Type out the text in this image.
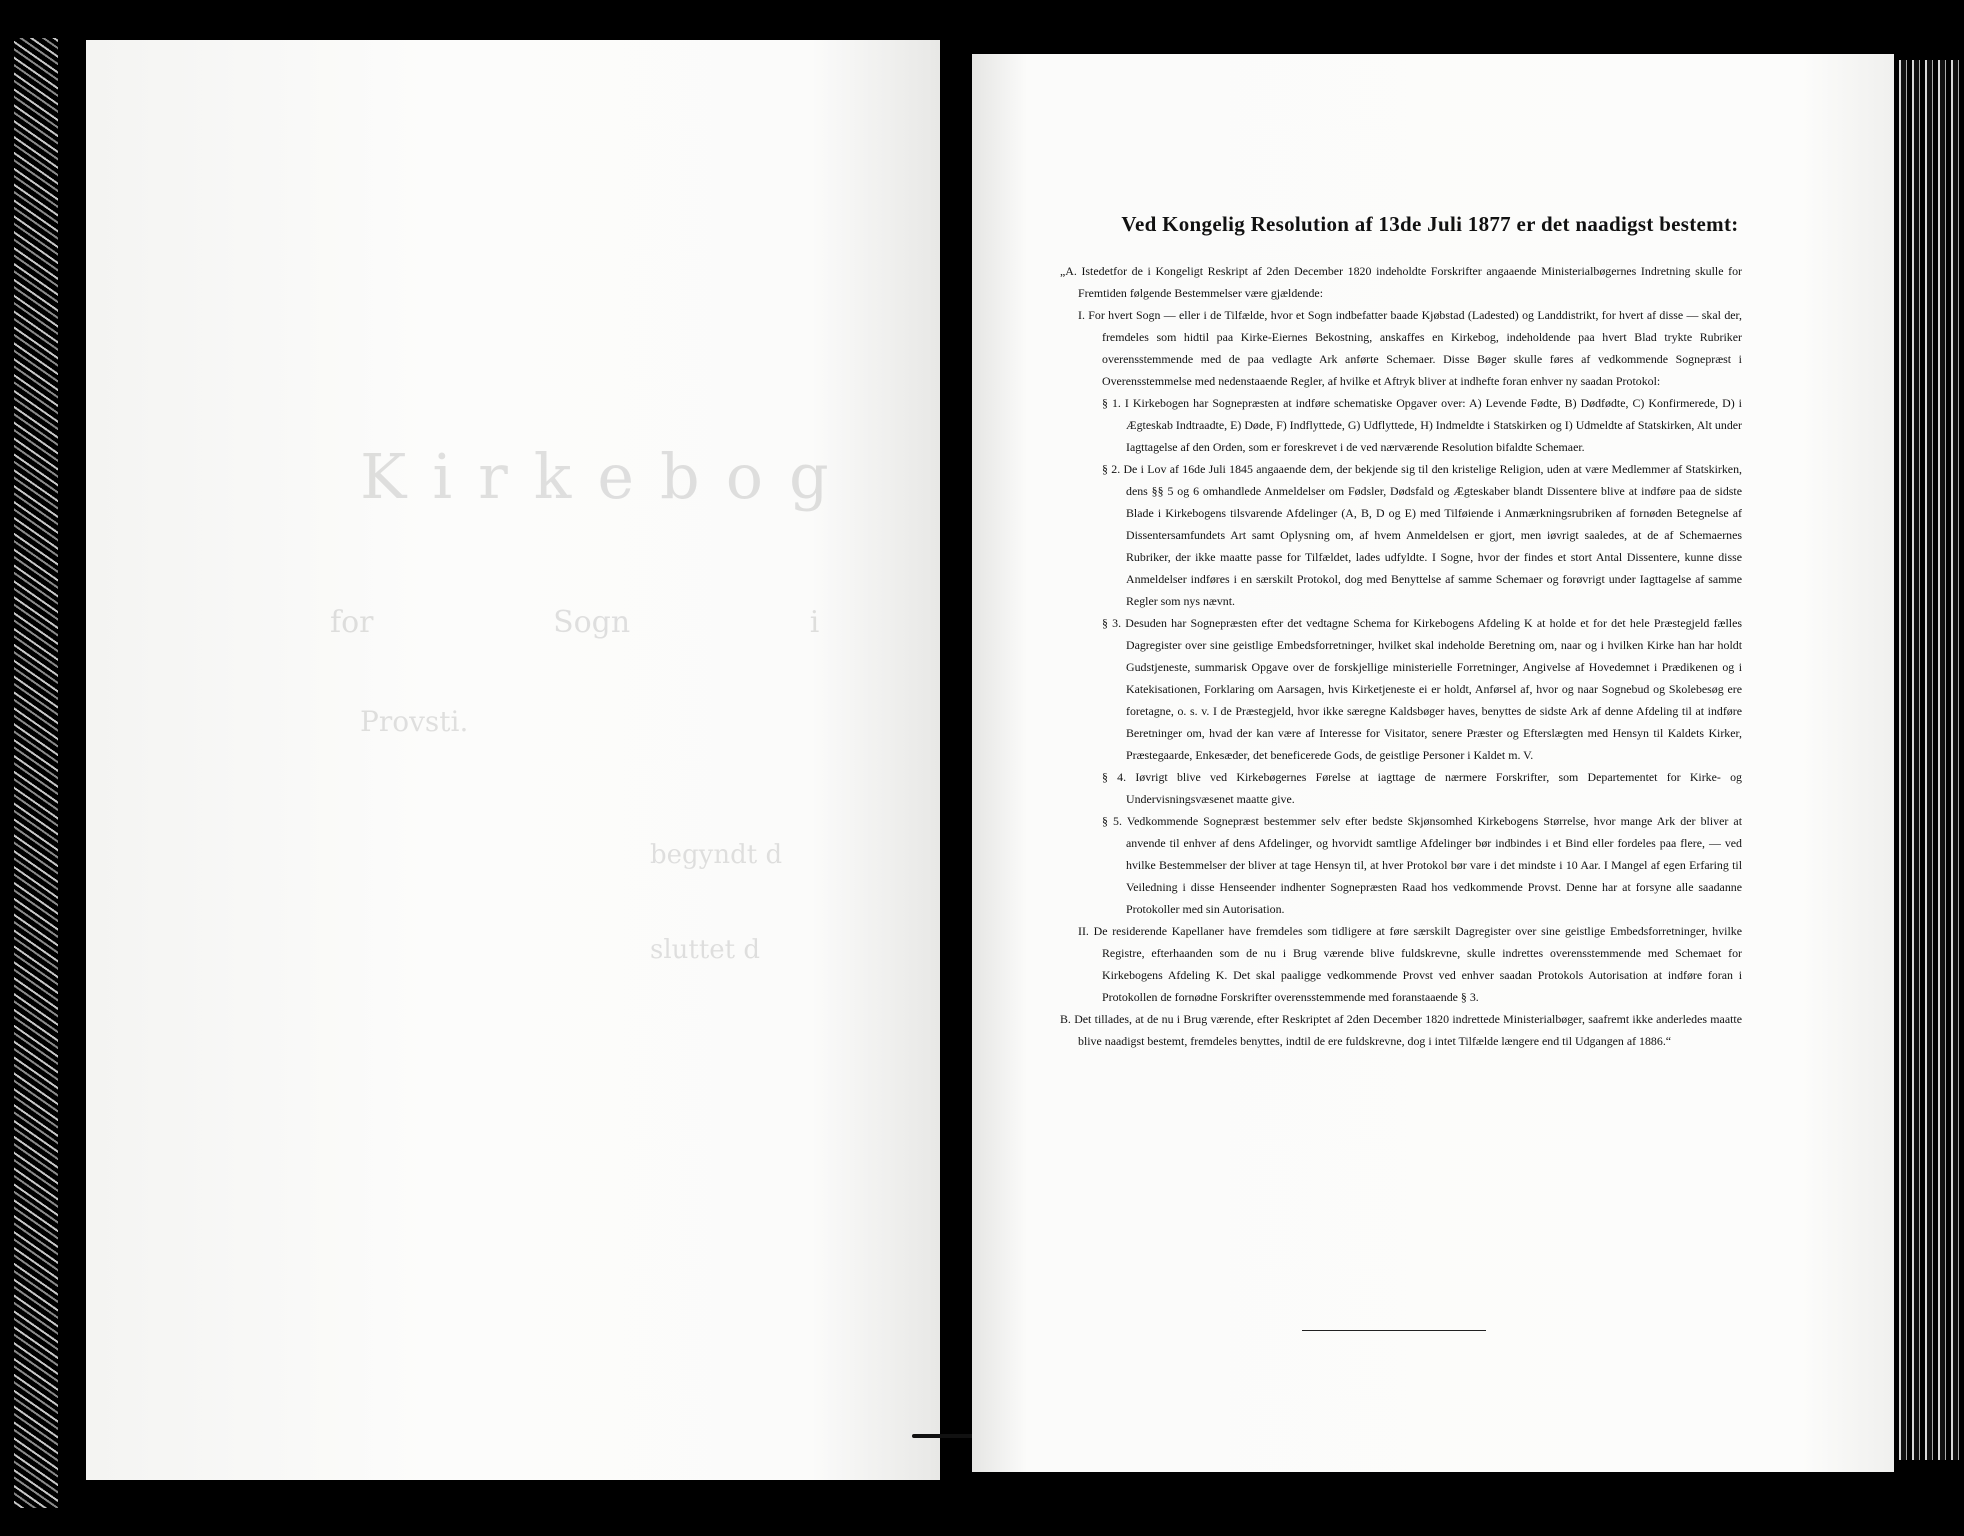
Kirkebog
for	Sogn i
Provsti.
begyndt d
sluttet d
Ved Kongelig Resolution af 13de Juli 1877 er det naadigst bestemt:

„A. Istedetfor de i Kongeligt Reskript af 2den December 1820 indeholdte Forskrifter angaaende Ministerialbøgernes Indretning skulle for Fremtiden følgende Bestemmelser være gjældende:

I. For hvert Sogn — eller i de Tilfælde, hvor et Sogn indbefatter baade Kjøbstad (Ladested) og Landdistrikt, for hvert af disse — skal der, fremdeles som hidtil paa Kirke-Eiernes Bekostning, anskaffes en Kirkebog, indeholdende paa hvert Blad trykte Rubriker overensstemmende med de paa vedlagte Ark anførte Schemaer. Disse Bøger skulle føres af vedkommende Sognepræst i Overensstemmelse med nedenstaaende Regler, af hvilke et Aftryk bliver at indhefte foran enhver ny saadan Protokol:

§ 1. I Kirkebogen har Sognepræsten at indføre schematiske Opgaver over: A) Levende Fødte, B) Dødfødte, C) Konfirmerede, D) i Ægteskab Indtraadte, E) Døde, F) Indflyttede, G) Udflyttede, H) Indmeldte i Statskirken og I) Udmeldte af Statskirken, Alt under Iagttagelse af den Orden, som er foreskrevet i de ved nærværende Resolution bifaldte Schemaer.

§ 2. De i Lov af 16de Juli 1845 angaaende dem, der bekjende sig til den kristelige Religion, uden at være Medlemmer af Statskirken, dens §§ 5 og 6 omhandlede Anmeldelser om Fødsler, Dødsfald og Ægteskaber blandt Dissentere blive at indføre paa de sidste Blade i Kirkebogens tilsvarende Afdelinger (A, B, D og E) med Tilføiende i Anmærkningsrubriken af fornøden Betegnelse af Dissentersamfundets Art samt Oplysning om, af hvem Anmeldelsen er gjort, men iøvrigt saaledes, at de af Schemaernes Rubriker, der ikke maatte passe for Tilfældet, lades udfyldte. I Sogne, hvor der findes et stort Antal Dissentere, kunne disse Anmeldelser indføres i en særskilt Protokol, dog med Benyttelse af samme Schemaer og forøvrigt under Iagttagelse af samme Regler som nys nævnt.

§ 3. Desuden har Sognepræsten efter det vedtagne Schema for Kirkebogens Afdeling K at holde et for det hele Præstegjeld fælles Dagregister over sine geistlige Embedsforretninger, hvilket skal indeholde Beretning om, naar og i hvilken Kirke han har holdt Gudstjeneste, summarisk Opgave over de forskjellige ministerielle Forretninger, Angivelse af Hovedemnet i Prædikenen og i Katekisationen, Forklaring om Aarsagen, hvis Kirketjeneste ei er holdt, Anførsel af, hvor og naar Sognebud og Skolebesøg ere foretagne, o. s. v. I de Præstegjeld, hvor ikke særegne Kaldsbøger haves, benyttes de sidste Ark af denne Afdeling til at indføre Beretninger om, hvad der kan være af Interesse for Visitator, senere Præster og Efterslægten med Hensyn til Kaldets Kirker, Præstegaarde, Enkesæder, det beneficerede Gods, de geistlige Personer i Kaldet m. V.

§ 4. Iøvrigt blive ved Kirkebøgernes Førelse at iagttage de nærmere Forskrifter, som Departementet for Kirke- og Undervisningsvæsenet maatte give.

§ 5. Vedkommende Sognepræst bestemmer selv efter bedste Skjønsomhed Kirkebogens Størrelse, hvor mange Ark der bliver at anvende til enhver af dens Afdelinger, og hvorvidt samtlige Afdelinger bør indbindes i et Bind eller fordeles paa flere, — ved hvilke Bestemmelser der bliver at tage Hensyn til, at hver Protokol bør vare i det mindste i 10 Aar. I Mangel af egen Erfaring til Veiledning i disse Henseender indhenter Sognepræsten Raad hos vedkommende Provst. Denne har at forsyne alle saadanne Protokoller med sin Autorisation.

II. De residerende Kapellaner have fremdeles som tidligere at føre særskilt Dagregister over sine geistlige Embedsforretninger, hvilke Registre, efterhaanden som de nu i Brug værende blive fuldskrevne, skulle indrettes overensstemmende med Schemaet for Kirkebogens Afdeling K. Det skal paaligge vedkommende Provst ved enhver saadan Protokols Autorisation at indføre foran i Protokollen de fornødne Forskrifter overensstemmende med foranstaaende § 3.

B. Det tillades, at de nu i Brug værende, efter Reskriptet af 2den December 1820 indrettede Ministerialbøger, saafremt ikke anderledes maatte blive naadigst bestemt, fremdeles benyttes, indtil de ere fuldskrevne, dog i intet Tilfælde længere end til Udgangen af 1886.“
